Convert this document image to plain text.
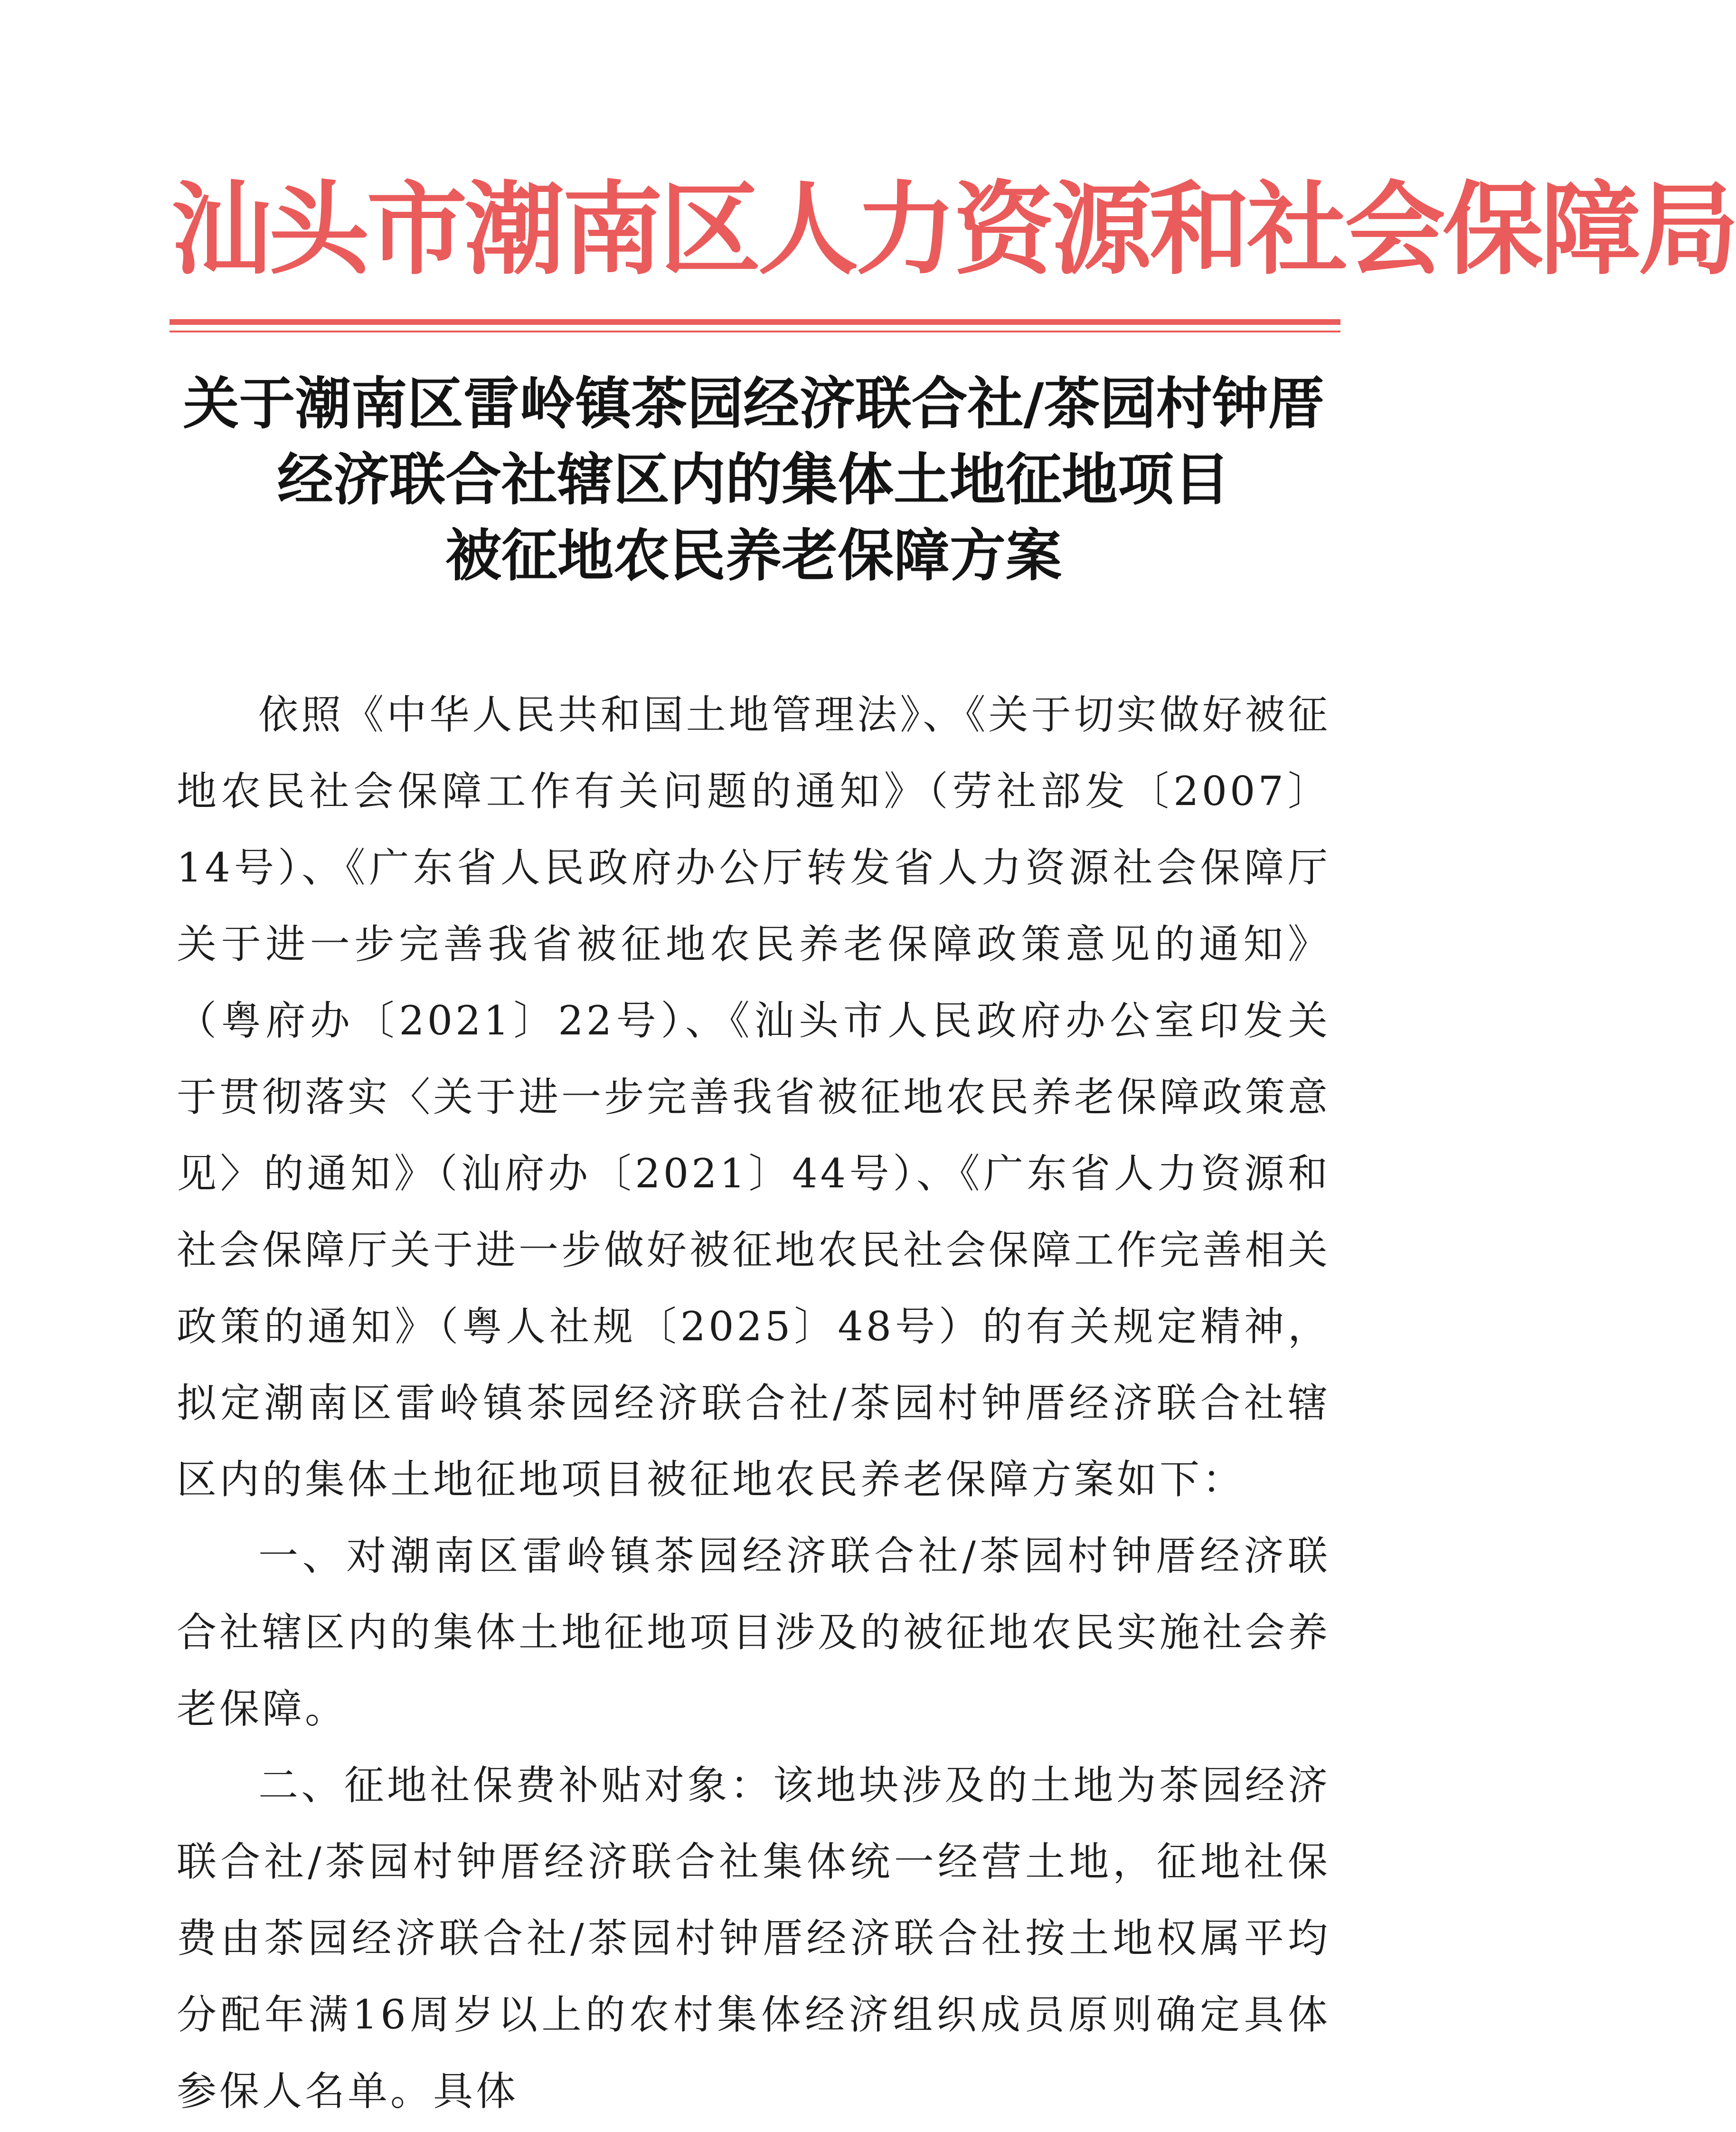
汕头市潮南区人力资源和社会保障局
关于潮南区雷岭镇茶园经济联合社/茶园村钟厝
经济联合社辖区内的集体土地征地项目
被征地农民养老保障方案

依照《中华人民共和国土地管理法》、《关于切实做好被征地农民社会保障工作有关问题的通知》（劳社部发〔2007〕14号）、《广东省人民政府办公厅转发省人力资源社会保障厅关于进一步完善我省被征地农民养老保障政策意见的通知》（粤府办〔2021〕22号）、《汕头市人民政府办公室印发关于贯彻落实〈关于进一步完善我省被征地农民养老保障政策意见〉的通知》（汕府办〔2021〕44号）、《广东省人力资源和社会保障厅关于进一步做好被征地农民社会保障工作完善相关政策的通知》（粤人社规〔2025〕48号）的有关规定精神，拟定潮南区雷岭镇茶园经济联合社/茶园村钟厝经济联合社辖区内的集体土地征地项目被征地农民养老保障方案如下：

一、对潮南区雷岭镇茶园经济联合社/茶园村钟厝经济联合社辖区内的集体土地征地项目涉及的被征地农民实施社会养老保障。

二、征地社保费补贴对象：该地块涉及的土地为茶园经济联合社/茶园村钟厝经济联合社集体统一经营土地，征地社保费由茶园经济联合社/茶园村钟厝经济联合社按土地权属平均分配年满16周岁以上的农村集体经济组织成员原则确定具体参保人名单。具体
